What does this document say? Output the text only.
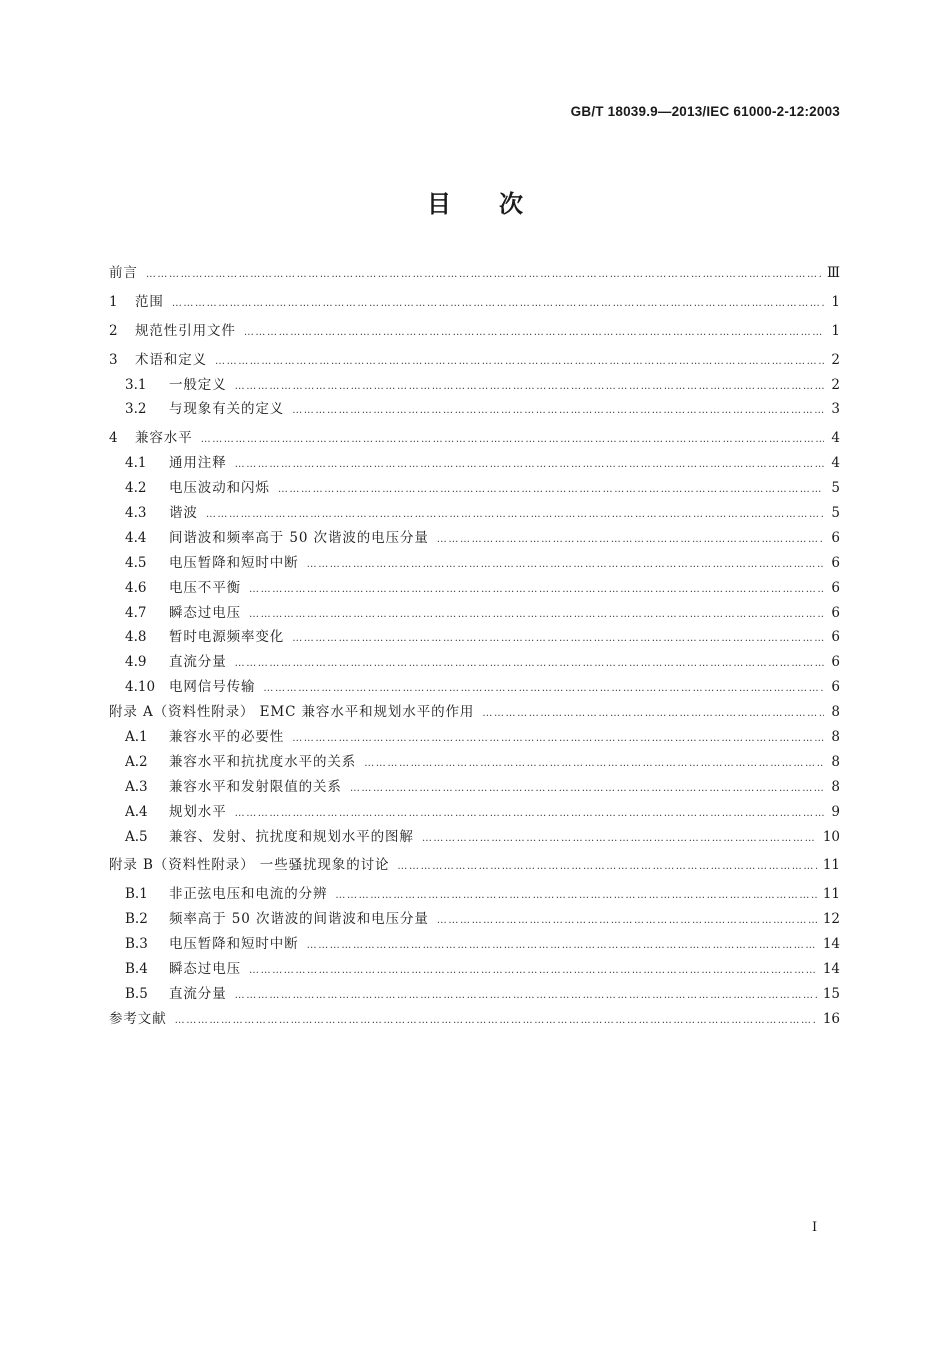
GB/T 18039.9—2013/IEC 61000-2-12:2003
目 次
前言 ………………………………………………………………………………………………………………………………………………………………………………	Ⅲ
1	范围 ………………………………………………………………………………………………………………………………………………………………………………	1
2	规范性引用文件 ………………………………………………………………………………………………………………………………………………………………………………	1
3	术语和定义 ………………………………………………………………………………………………………………………………………………………………………………	2
3.1	一般定义 ………………………………………………………………………………………………………………………………………………………………………………	2
3.2	与现象有关的定义 ………………………………………………………………………………………………………………………………………………………………………………	3
4	兼容水平 ………………………………………………………………………………………………………………………………………………………………………………	4
4.1	通用注释 ………………………………………………………………………………………………………………………………………………………………………………	4
4.2	电压波动和闪烁 ………………………………………………………………………………………………………………………………………………………………………………	5
4.3	谐波 ………………………………………………………………………………………………………………………………………………………………………………	5
4.4	间谐波和频率高于 50 次谐波的电压分量 ………………………………………………………………………………………………………………………………………………………………………………	6
4.5	电压暂降和短时中断 ………………………………………………………………………………………………………………………………………………………………………………	6
4.6	电压不平衡 ………………………………………………………………………………………………………………………………………………………………………………	6
4.7	瞬态过电压 ………………………………………………………………………………………………………………………………………………………………………………	6
4.8	暂时电源频率变化 ………………………………………………………………………………………………………………………………………………………………………………	6
4.9	直流分量 ………………………………………………………………………………………………………………………………………………………………………………	6
4.10	电网信号传输 ………………………………………………………………………………………………………………………………………………………………………………	6
附录 A（资料性附录） EMC 兼容水平和规划水平的作用 ………………………………………………………………………………………………………………………………………………………………………………	8
A.1	兼容水平的必要性 ………………………………………………………………………………………………………………………………………………………………………………	8
A.2	兼容水平和抗扰度水平的关系 ………………………………………………………………………………………………………………………………………………………………………………	8
A.3	兼容水平和发射限值的关系 ………………………………………………………………………………………………………………………………………………………………………………	8
A.4	规划水平 ………………………………………………………………………………………………………………………………………………………………………………	9
A.5	兼容、发射、抗扰度和规划水平的图解 ………………………………………………………………………………………………………………………………………………………………………………	10
附录 B（资料性附录） 一些骚扰现象的讨论 ………………………………………………………………………………………………………………………………………………………………………………	11
B.1	非正弦电压和电流的分辨 ………………………………………………………………………………………………………………………………………………………………………………	11
B.2	频率高于 50 次谐波的间谐波和电压分量 ………………………………………………………………………………………………………………………………………………………………………………	12
B.3	电压暂降和短时中断 ………………………………………………………………………………………………………………………………………………………………………………	14
B.4	瞬态过电压 ………………………………………………………………………………………………………………………………………………………………………………	14
B.5	直流分量 ………………………………………………………………………………………………………………………………………………………………………………	15
参考文献 ………………………………………………………………………………………………………………………………………………………………………………	16
I
